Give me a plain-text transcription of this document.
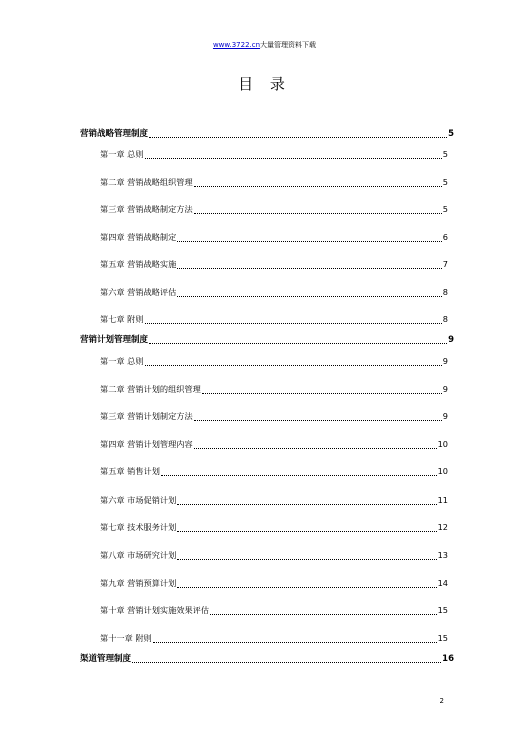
www.3722.cn大量管理资料下载
目 录
营销战略管理制度	5
第一章 总则	5
第二章 营销战略组织管理	5
第三章 营销战略制定方法	5
第四章 营销战略制定	6
第五章 营销战略实施	7
第六章 营销战略评估	8
第七章 附则	8
营销计划管理制度	9
第一章 总则	9
第二章 营销计划的组织管理	9
第三章 营销计划制定方法	9
第四章 营销计划管理内容	10
第五章 销售计划	10
第六章 市场促销计划	11
第七章 技术服务计划	12
第八章 市场研究计划	13
第九章 营销预算计划	14
第十章 营销计划实施效果评估	15
第十一章 附则	15
渠道管理制度	16
2
